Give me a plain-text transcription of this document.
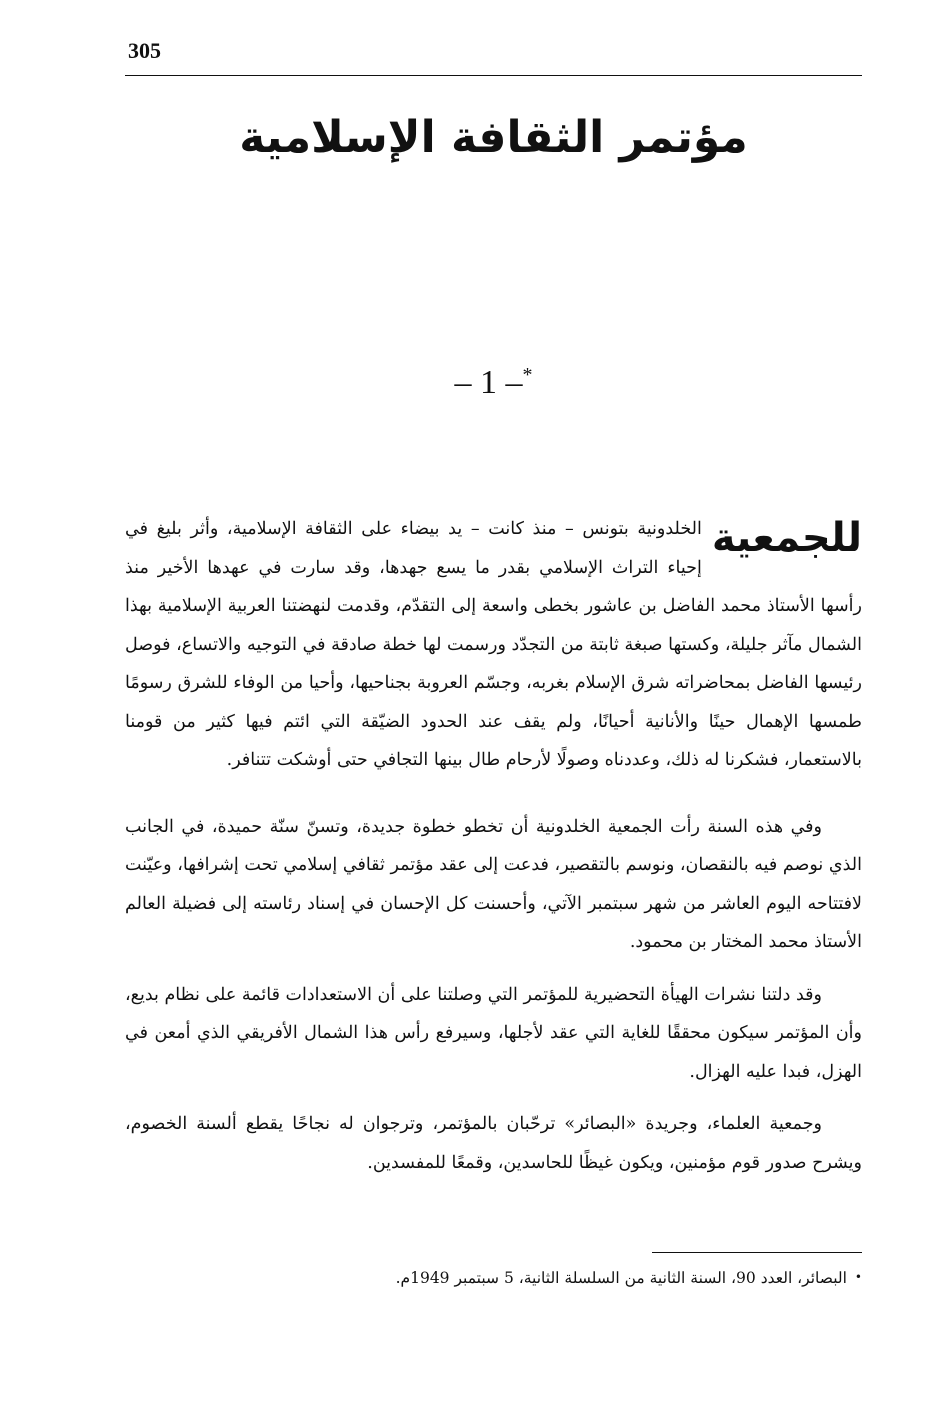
305
مؤتمر الثقافة الإسلامية
– 1 –*

للجمعية
الخلدونية بتونس – منذ كانت – يد بيضاء على الثقافة الإسلامية، وأثر بليغ في إحياء التراث الإسلامي بقدر ما يسع جهدها، وقد سارت في عهدها الأخير منذ رأسها الأستاذ محمد الفاضل بن عاشور بخطى واسعة إلى التقدّم، وقدمت لنهضتنا العربية الإسلامية بهذا الشمال مآثر جليلة، وكستها صبغة ثابتة من التجدّد ورسمت لها خطة صادقة في التوجيه والاتساع، فوصل رئيسها الفاضل بمحاضراته شرق الإسلام بغربه، وجسّم العروبة بجناحيها، وأحيا من الوفاء للشرق رسومًا طمسها الإهمال حينًا والأنانية أحيانًا، ولم يقف عند الحدود الضيّقة التي ائتم فيها كثير من قومنا بالاستعمار، فشكرنا له ذلك، وعددناه وصولًا لأرحام طال بينها التجافي حتى أوشكت تتنافر.

وفي هذه السنة رأت الجمعية الخلدونية أن تخطو خطوة جديدة، وتسنّ سنّة حميدة، في الجانب الذي نوصم فيه بالنقصان، ونوسم بالتقصير، فدعت إلى عقد مؤتمر ثقافي إسلامي تحت إشرافها، وعيّنت لافتتاحه اليوم العاشر من شهر سبتمبر الآتي، وأحسنت كل الإحسان في إسناد رئاسته إلى فضيلة العالم الأستاذ محمد المختار بن محمود.

وقد دلتنا نشرات الهيأة التحضيرية للمؤتمر التي وصلتنا على أن الاستعدادات قائمة على نظام بديع، وأن المؤتمر سيكون محققًا للغاية التي عقد لأجلها، وسيرفع رأس هذا الشمال الأفريقي الذي أمعن في الهزل، فبدا عليه الهزال.

وجمعية العلماء، وجريدة «البصائر» ترحّبان بالمؤتمر، وترجوان له نجاحًا يقطع ألسنة الخصوم، ويشرح صدور قوم مؤمنين، ويكون غيظًا للحاسدين، وقمعًا للمفسدين.

•البصائر، العدد 90، السنة الثانية من السلسلة الثانية، 5 سبتمبر 1949م.
